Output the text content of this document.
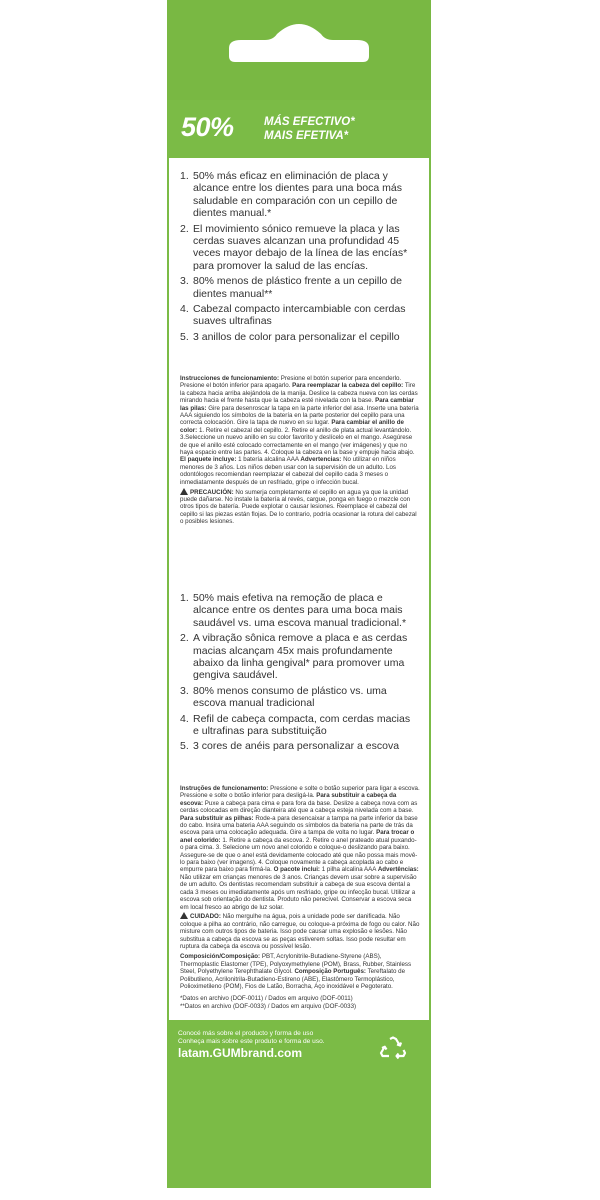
50%	MÁS EFECTIVO*
MAIS EFETIVA*
1. 50% más eficaz en eliminación de placa y alcance entre los dientes para una boca más saludable en comparación con un cepillo de dientes manual.*
2. El movimiento sónico remueve la placa y las cerdas suaves alcanzan una profundidad 45 veces mayor debajo de la línea de las encías* para promover la salud de las encías.
3. 80% menos de plástico frente a un cepillo de dientes manual**
4. Cabezal compacto intercambiable con cerdas suaves ultrafinas
5. 3 anillos de color para personalizar el cepillo

Instrucciones de funcionamiento: Presione el botón superior para encenderlo. Presione el botón inferior para apagarlo. Para reemplazar la cabeza del cepillo: Tire la cabeza hacia arriba alejándola de la manija. Deslice la cabeza nueva con las cerdas mirando hacia el frente hasta que la cabeza esté nivelada con la base. Para cambiar las pilas: Gire para desenroscar la tapa en la parte inferior del asa. Inserte una batería AAA siguiendo los símbolos de la batería en la parte posterior del cepillo para una correcta colocación. Gire la tapa de nuevo en su lugar. Para cambiar el anillo de color: 1. Retire el cabezal del cepillo. 2. Retire el anillo de plata actual levantándolo. 3.Seleccione un nuevo anillo en su color favorito y deslícelo en el mango. Asegúrese de que el anillo esté colocado correctamente en el mango (ver imágenes) y que no haya espacio entre las partes. 4. Coloque la cabeza en la base y empuje hacia abajo. El paquete incluye: 1 batería alcalina AAA Advertencias: No utilizar en niños menores de 3 años. Los niños deben usar con la supervisión de un adulto. Los odontólogos recomiendan reemplazar el cabezal del cepillo cada 3 meses o inmediatamente después de un resfriado, gripe o infección bucal.

PRECAUCIÓN: No sumerja completamente el cepillo en agua ya que la unidad puede dañarse. No instale la batería al revés, cargue, ponga en fuego o mezcle con otros tipos de batería. Puede explotar o causar lesiones. Reemplace el cabezal del cepillo si las piezas están flojas. De lo contrario, podría ocasionar la rotura del cabezal o posibles lesiones.

1. 50% mais efetiva na remoção de placa e alcance entre os dentes para uma boca mais saudável vs. uma escova manual tradicional.*
2. A vibração sônica remove a placa e as cerdas macias alcançam 45x mais profundamente abaixo da linha gengival* para promover uma gengiva saudável.
3. 80% menos consumo de plástico vs. uma escova manual tradicional
4. Refil de cabeça compacta, com cerdas macias e ultrafinas para substituição
5. 3 cores de anéis para personalizar a escova

Instruções de funcionamento: Pressione e solte o botão superior para ligar a escova. Pressione e solte o botão inferior para desligá-la. Para substituir a cabeça da escova: Puxe a cabeça para cima e para fora da base. Deslize a cabeça nova com as cerdas colocadas em direção dianteira até que a cabeça esteja nivelada com a base. Para substituir as pilhas: Rode-a para desencaixar a tampa na parte inferior da base do cabo. Insira uma bateria AAA seguindo os símbolos da bateria na parte de trás da escova para uma colocação adequada. Gire a tampa de volta no lugar. Para trocar o anel colorido: 1. Retire a cabeça da escova. 2. Retire o anel prateado atual puxando-o para cima. 3. Selecione um novo anel colorido e coloque-o deslizando para baixo. Assegure-se de que o anel está devidamente colocado até que não possa mais movê-lo para baixo (ver imagens). 4. Coloque novamente a cabeça acoplada ao cabo e empurre para baixo para firmá-la. O pacote inclui: 1 pilha alcalina AAA Advertências: Não utilizar em crianças menores de 3 anos. Crianças devem usar sobre a supervisão de um adulto. Os dentistas recomendam substituir a cabeça de sua escova dental a cada 3 meses ou imediatamente após um resfriado, gripe ou infecção bucal. Utilizar a escova sob orientação do dentista. Produto não perecível. Conservar a escova seca em local fresco ao abrigo de luz solar.

CUIDADO: Não mergulhe na água, pois a unidade pode ser danificada. Não coloque a pilha ao contrário, não carregue, ou coloque-a próxima de fogo ou calor. Não misture com outros tipos de bateria. Isso pode causar uma explosão e lesões. Não substitua a cabeça da escova se as peças estiverem soltas. Isso pode resultar em ruptura da cabeça da escova ou possível lesão.

Composición/Composição: PBT, Acrylonitrile-Butadiene-Styrene (ABS), Thermoplastic Elastomer (TPE), Polyoxymethylene (POM), Brass, Rubber, Stainless Steel, Polyethylene Terephthalate Glycol. Composição Português: Tereftalato de Polibutileno, Acrilonitrila-Butadieno-Estireno (ABE), Elastômero Termoplástico, Polioximetileno (POM), Fios de Latão, Borracha, Aço inoxidável e Pegoterato.

*Datos en archivo (DOF-0011) / Dados em arquivo (DOF-0011)
**Datos en archivo (DOF-0033) / Dados em arquivo (DOF-0033)

Conocé más sobre el producto y forma de uso
Conheça mais sobre este produto e forma de uso.
latam.GUMbrand.com
